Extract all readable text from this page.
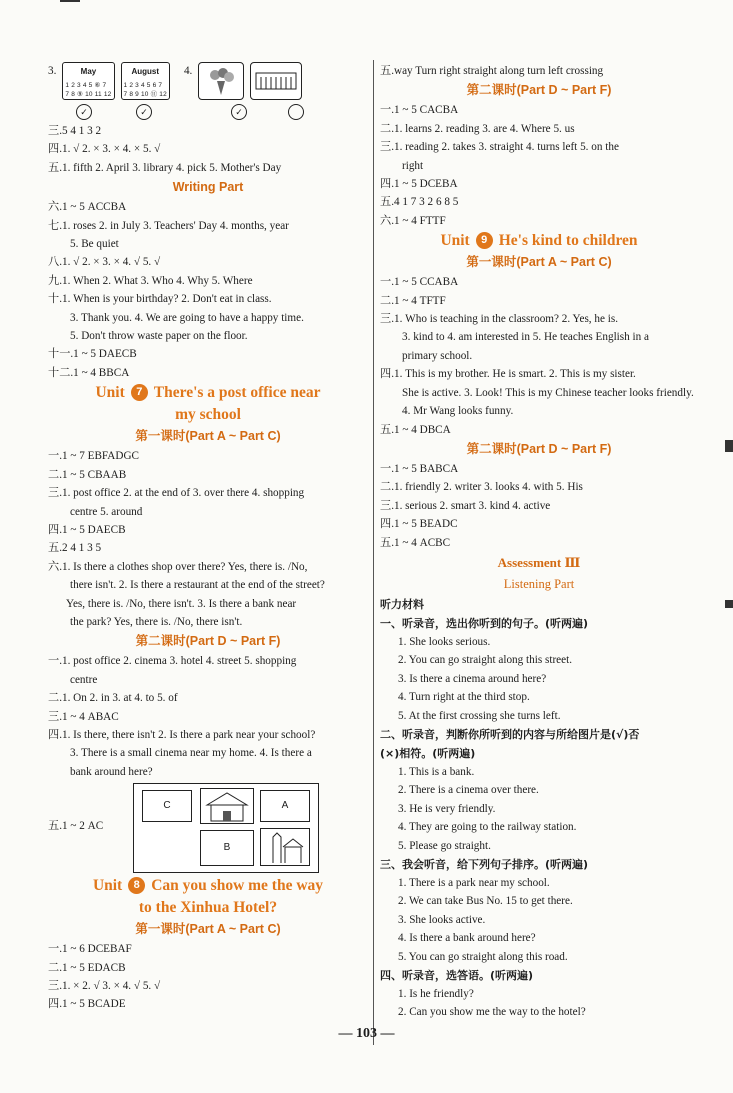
3.	May
1 2 3 4 5 ⑥ 7
7 8 ⑨ 10 11 12
August
1 2 3 4 5 6 7
7 8 9 10 ⑪ 12
4.
✓	✓	✓
三.5 4 1 3 2
四.1. √ 2. × 3. × 4. × 5. √
五.1. fifth 2. April 3. library 4. pick 5. Mother's Day
Writing Part
六.1 ~ 5 ACCBA
七.1. roses 2. in July 3. Teachers' Day 4. months, year
5. Be quiet
八.1. √ 2. × 3. × 4. √ 5. √
九.1. When 2. What 3. Who 4. Why 5. Where
十.1. When is your birthday? 2. Don't eat in class.
3. Thank you. 4. We are going to have a happy time.
5. Don't throw waste paper on the floor.
十一.1 ~ 5 DAECB
十二.1 ~ 4 BBCA
Unit 7 There's a post office near
my school
第一课时(Part A ~ Part C)
一.1 ~ 7 EBFADGC
二.1 ~ 5 CBAAB
三.1. post office 2. at the end of 3. over there 4. shopping
centre 5. around
四.1 ~ 5 DAECB
五.2 4 1 3 5
六.1. Is there a clothes shop over there? Yes, there is. /No,
there isn't. 2. Is there a restaurant at the end of the street?
Yes, there is. /No, there isn't. 3. Is there a bank near
the park? Yes, there is. /No, there isn't.
第二课时(Part D ~ Part F)
一.1. post office 2. cinema 3. hotel 4. street 5. shopping
centre
二.1. On 2. in 3. at 4. to 5. of
三.1 ~ 4 ABAC
四.1. Is there, there isn't 2. Is there a park near your school?
3. There is a small cinema near my home. 4. Is there a
bank around here?
五.1 ~ 2 AC
C	A
B
Unit 8 Can you show me the way
to the Xinhua Hotel?
第一课时(Part A ~ Part C)
一.1 ~ 6 DCEBAF
二.1 ~ 5 EDACB
三.1. × 2. √ 3. × 4. √ 5. √
四.1 ~ 5 BCADE
五.way Turn right straight along turn left crossing
第二课时(Part D ~ Part F)
一.1 ~ 5 CACBA
二.1. learns 2. reading 3. are 4. Where 5. us
三.1. reading 2. takes 3. straight 4. turns left 5. on the
right
四.1 ~ 5 DCEBA
五.4 1 7 3 2 6 8 5
六.1 ~ 4 FTTF
Unit 9 He's kind to children
第一课时(Part A ~ Part C)
一.1 ~ 5 CCABA
二.1 ~ 4 TFTF
三.1. Who is teaching in the classroom? 2. Yes, he is.
3. kind to 4. am interested in 5. He teaches English in a
primary school.
四.1. This is my brother. He is smart. 2. This is my sister.
She is active. 3. Look! This is my Chinese teacher looks friendly.
4. Mr Wang looks funny.
五.1 ~ 4 DBCA
第二课时(Part D ~ Part F)
一.1 ~ 5 BABCA
二.1. friendly 2. writer 3. looks 4. with 5. His
三.1. serious 2. smart 3. kind 4. active
四.1 ~ 5 BEADC
五.1 ~ 4 ACBC
Assessment Ⅲ
Listening Part
听力材料
一、听录音，选出你听到的句子。(听两遍)
1. She looks serious.
2. You can go straight along this street.
3. Is there a cinema around here?
4. Turn right at the third stop.
5. At the first crossing she turns left.
二、听录音，判断你所听到的内容与所给图片是(√)否
(×)相符。(听两遍)
1. This is a bank.
2. There is a cinema over there.
3. He is very friendly.
4. They are going to the railway station.
5. Please go straight.
三、我会听音，给下列句子排序。(听两遍)
1. There is a park near my school.
2. We can take Bus No. 15 to get there.
3. She looks active.
4. Is there a bank around here?
5. You can go straight along this road.
四、听录音，选答语。(听两遍)
1. Is he friendly?
2. Can you show me the way to the hotel?
— 103 —
